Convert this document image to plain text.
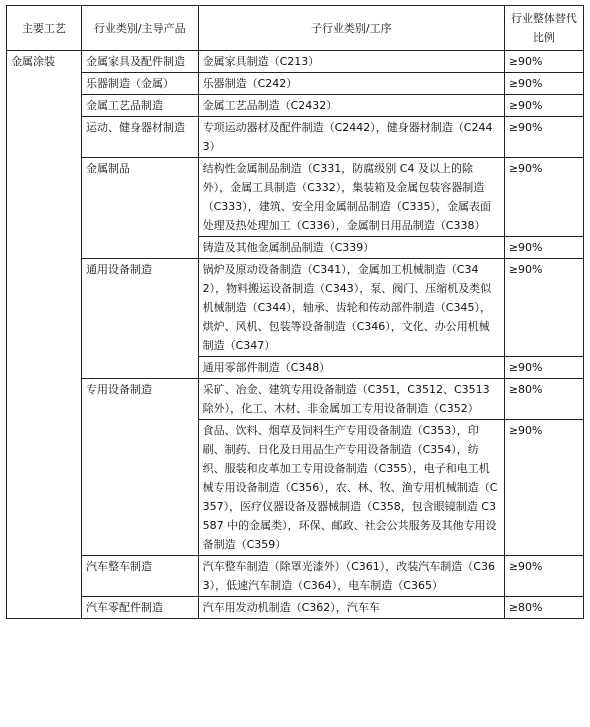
主要工艺	行业类别/主导产品	子行业类别/工序	行业整体替代比例
金属涂装	金属家具及配件制造	金属家具制造（C213）	≥90%
	乐器制造（金属）	乐器制造（C242）	≥90%
	金属工艺品制造	金属工艺品制造（C2432）	≥90%
	运动、健身器材制造	专项运动器材及配件制造（C2442），健身器材制造（C2443）	≥90%
	金属制品	结构性金属制品制造（C331，防腐级别 C4 及以上的除外），金属工具制造（C332），集装箱及金属包装容器制造（C333），建筑、安全用金属制品制造（C335），金属表面处理及热处理加工（C336），金属制日用品制造（C338）	≥90%
		铸造及其他金属制品制造（C339）	≥90%
	通用设备制造	锅炉及原动设备制造（C341），金属加工机械制造（C342），物料搬运设备制造（C343），泵、阀门、压缩机及类似机械制造（C344），轴承、齿轮和传动部件制造（C345），烘炉、风机、包装等设备制造（C346），文化、办公用机械制造（C347）	≥90%
		通用零部件制造（C348）	≥90%
	专用设备制造	采矿、冶金、建筑专用设备制造（C351，C3512、C3513 除外），化工、木材、非金属加工专用设备制造（C352）	≥80%
		食品、饮料、烟草及饲料生产专用设备制造（C353），印刷、制药、日化及日用品生产专用设备制造（C354），纺织、服装和皮革加工专用设备制造（C355），电子和电工机械专用设备制造（C356），农、林、牧、渔专用机械制造（C357），医疗仪器设备及器械制造（C358，包含眼镜制造 C3587 中的金属类），环保、邮政、社会公共服务及其他专用设备制造（C359）	≥90%
	汽车整车制造	汽车整车制造（除罩光漆外）（C361），改装汽车制造（C363），低速汽车制造（C364），电车制造（C365）	≥90%
	汽车零配件制造	汽车用发动机制造（C362），汽车车	≥80%
